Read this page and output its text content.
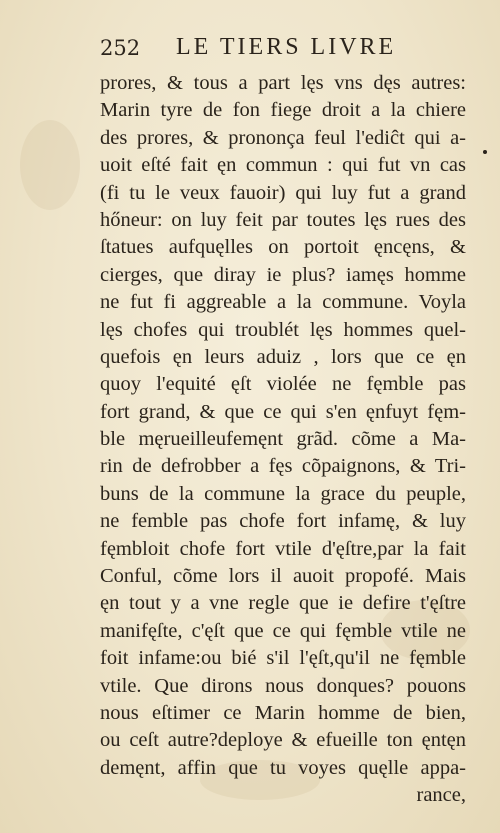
252 LE TIERS LIVRE
prores, & tous a part lęs vns dęs autres:
Marin tyre de fon fiege droit a la chiere
des prores, & prononça feul l'ediĉt qui a-
uoit eſté fait ęn commun : qui fut vn cas
(fi tu le veux fauoir) qui luy fut a grand
hőneur: on luy feit par toutes lęs rues des
ſtatues aufquęlles on portoit ęncęns, &
cierges, que diray ie plus? iamęs homme
ne fut fi aggreable a la commune. Voyla
lęs chofes qui troublét lęs hommes quel-
quefois ęn leurs aduiz , lors que ce ęn
quoy l'equité ęſt violée ne fęmble pas
fort grand, & que ce qui s'en ęnfuyt fęm-
ble męrueilleufemęnt grãd. cõme a Ma-
rin de defrobber a fęs cõpaignons, & Tri-
buns de la commune la grace du peuple,
ne femble pas chofe fort infamę, & luy
fęmbloit chofe fort vtile d'ęſtre,par la fait
Conful, cõme lors il auoit propofé. Mais
ęn tout y a vne regle que ie defire t'ęſtre
manifęſte, c'ęſt que ce qui fęmble vtile ne
foit infame:ou bié s'il l'ęſt,qu'il ne fęmble
vtile. Que dirons nous donques? pouons
nous eſtimer ce Marin homme de bien,
ou ceſt autre?deploye & efueille ton ęntęn
demęnt, affin que tu voyes quęlle appa-
rance,
